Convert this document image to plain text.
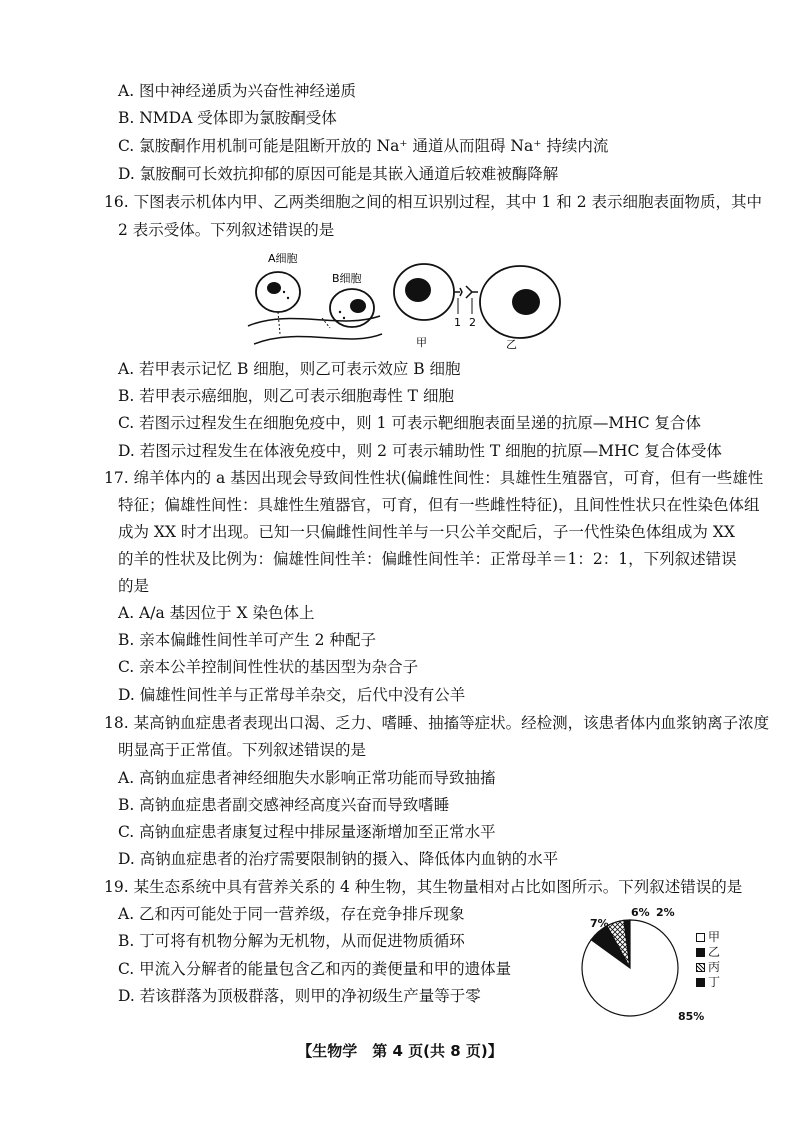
A. 图中神经递质为兴奋性神经递质
B. NMDA 受体即为氯胺酮受体
C. 氯胺酮作用机制可能是阻断开放的 Na⁺ 通道从而阻碍 Na⁺ 持续内流
D. 氯胺酮可长效抗抑郁的原因可能是其嵌入通道后较难被酶降解
16. 下图表示机体内甲、乙两类细胞之间的相互识别过程，其中 1 和 2 表示细胞表面物质，其中
2 表示受体。下列叙述错误的是
A细胞
B细胞
1 2
甲	乙
A. 若甲表示记忆 B 细胞，则乙可表示效应 B 细胞
B. 若甲表示癌细胞，则乙可表示细胞毒性 T 细胞
C. 若图示过程发生在细胞免疫中，则 1 可表示靶细胞表面呈递的抗原—MHC 复合体
D. 若图示过程发生在体液免疫中，则 2 可表示辅助性 T 细胞的抗原—MHC 复合体受体
17. 绵羊体内的 a 基因出现会导致间性性状(偏雌性间性：具雄性生殖器官，可育，但有一些雄性
特征；偏雄性间性：具雄性生殖器官，可育，但有一些雌性特征)，且间性性状只在性染色体组
成为 XX 时才出现。已知一只偏雌性间性羊与一只公羊交配后，子一代性染色体组成为 XX
的羊的性状及比例为：偏雄性间性羊：偏雌性间性羊：正常母羊＝1：2：1，下列叙述错误
的是
A. A/a 基因位于 X 染色体上
B. 亲本偏雌性间性羊可产生 2 种配子
C. 亲本公羊控制间性性状的基因型为杂合子
D. 偏雄性间性羊与正常母羊杂交，后代中没有公羊
18. 某高钠血症患者表现出口渴、乏力、嗜睡、抽搐等症状。经检测，该患者体内血浆钠离子浓度
明显高于正常值。下列叙述错误的是
A. 高钠血症患者神经细胞失水影响正常功能而导致抽搐
B. 高钠血症患者副交感神经高度兴奋而导致嗜睡
C. 高钠血症患者康复过程中排尿量逐渐增加至正常水平
D. 高钠血症患者的治疗需要限制钠的摄入、降低体内血钠的水平
19. 某生态系统中具有营养关系的 4 种生物，其生物量相对占比如图所示。下列叙述错误的是
A. 乙和丙可能处于同一营养级，存在竞争排斥现象
B. 丁可将有机物分解为无机物，从而促进物质循环
C. 甲流入分解者的能量包含乙和丙的粪便量和甲的遗体量
D. 若该群落为顶极群落，则甲的净初级生产量等于零
7%
6% 2%
85%
甲
乙
丙
丁
【生物学　第 4 页(共 8 页)】
